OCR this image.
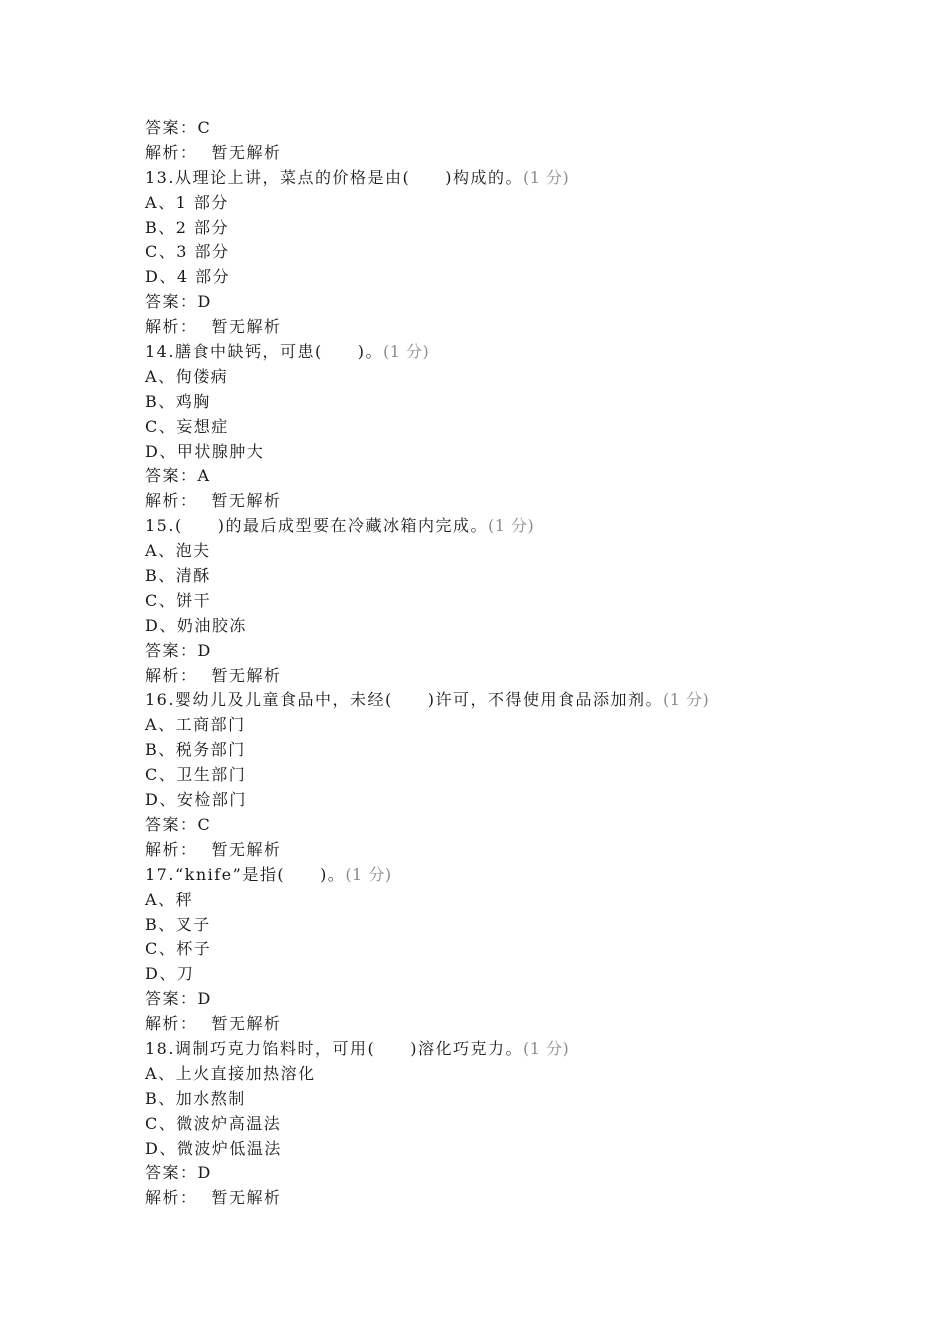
答案：C
解析： 暂无解析
13.从理论上讲，菜点的价格是由(　　)构成的。(1 分)
A、1 部分
B、2 部分
C、3 部分
D、4 部分
答案：D
解析： 暂无解析
14.膳食中缺钙，可患(　　)。(1 分)
A、佝偻病
B、鸡胸
C、妄想症
D、甲状腺肿大
答案：A
解析： 暂无解析
15.(　　)的最后成型要在冷藏冰箱内完成。(1 分)
A、泡夫
B、清酥
C、饼干
D、奶油胶冻
答案：D
解析： 暂无解析
16.婴幼儿及儿童食品中，未经(　　)许可，不得使用食品添加剂。(1 分)
A、工商部门
B、税务部门
C、卫生部门
D、安检部门
答案：C
解析： 暂无解析
17.“knife”是指(　　)。(1 分)
A、秤
B、叉子
C、杯子
D、刀
答案：D
解析： 暂无解析
18.调制巧克力馅料时，可用(　　)溶化巧克力。(1 分)
A、上火直接加热溶化
B、加水熬制
C、微波炉高温法
D、微波炉低温法
答案：D
解析： 暂无解析
